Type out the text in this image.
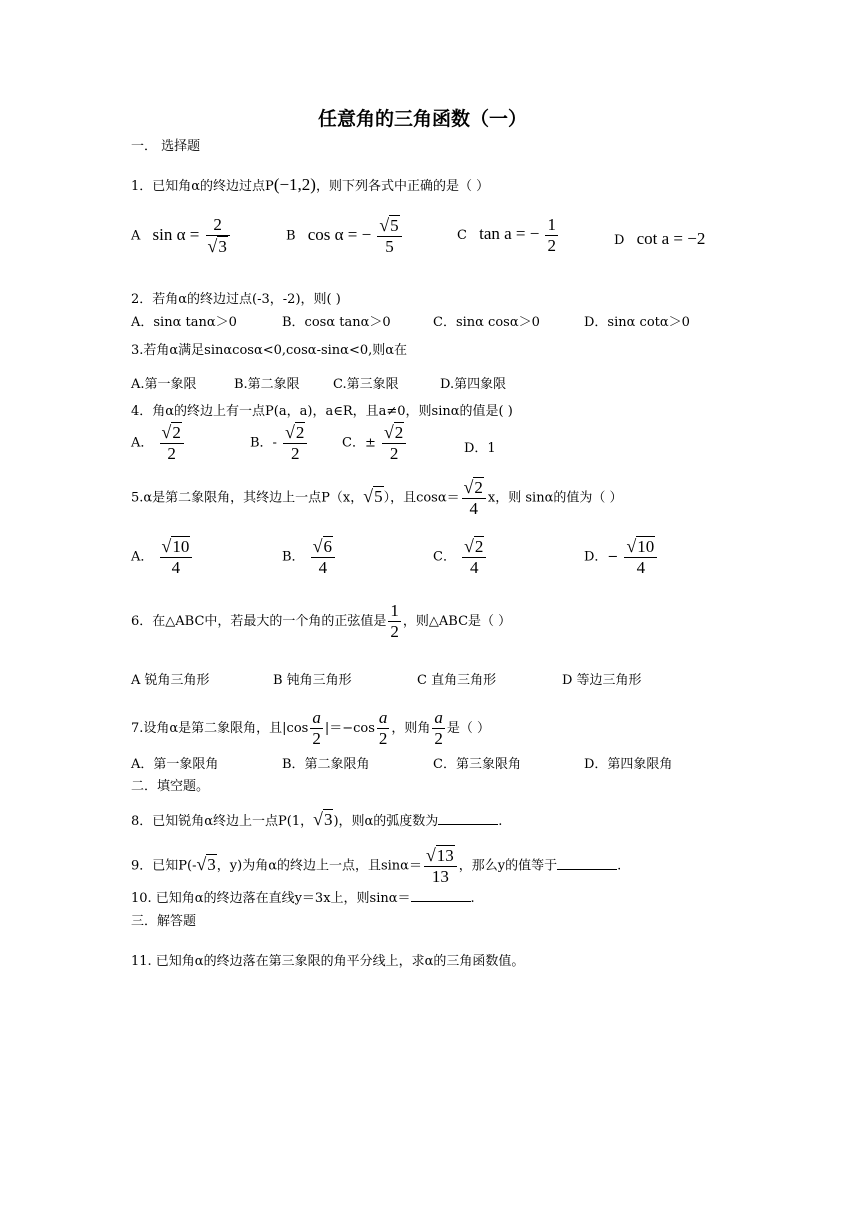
任意角的三角函数（一）
一． 选择题
1．已知角α的终边过点P(−1,2)，则下列各式中正确的是（ ）
A $\sin \alpha = \frac{2}{√3}$	B cos α = − $\frac{√5}{5}$	C tan a = − $\frac{1}{2}$	D cot a = −2
2．若角α的终边过点(-3，-2)，则( )
A．sinα tanα＞0	B．cosα tanα＞0	C．sinα cosα＞0	D．sinα cotα＞0
3.若角α满足sinαcosα<0,cosα-sinα<0,则α在
A.第一象限	B.第二象限	C.第三象限	D.第四象限
4．角α的终边上有一点P(a，a)，a∈R，且a≠0，则sinα的值是( )
A． $\frac{√2}{2}$	B．- $\frac{√2}{2}$	C．± $\frac{√2}{2}$	D．1
5.α是第二象限角，其终边上一点P（x，√5），且$\cos\alpha= \frac{√2}{4}$ x，则 sinα的值为（ ）
A． $\frac{√10}{4}$	B． $\frac{√6}{4}$	C． $\frac{√2}{4}$	D．− $\frac{√10}{4}$
6．在△ABC中，若最大的一个角的正弦值是 $\frac{1}{2}$ ，则△ABC是（ ）
A 锐角三角形	B 钝角三角形	C 直角三角形	D 等边三角形
7.设角α是第二象限角，且$|\cos \frac{a}{2} |=-\cos \frac{a}{2}$ ，则角 $\frac{a}{2}$ 是（ ）
A．第一象限角	B．第二象限角	C．第三象限角	D．第四象限角
二．填空题。
8．已知锐角α终边上一点P(1，√3)，则α的弧度数为	.
9．已知P(-√3，y)为角α的终边上一点，且$\sin\alpha= \frac{√13}{13}$ ，那么y的值等于	.
10. 已知角α的终边落在直线y＝3x上，则sinα＝	.
三．解答题
11. 已知角α的终边落在第三象限的角平分线上，求α的三角函数值。
